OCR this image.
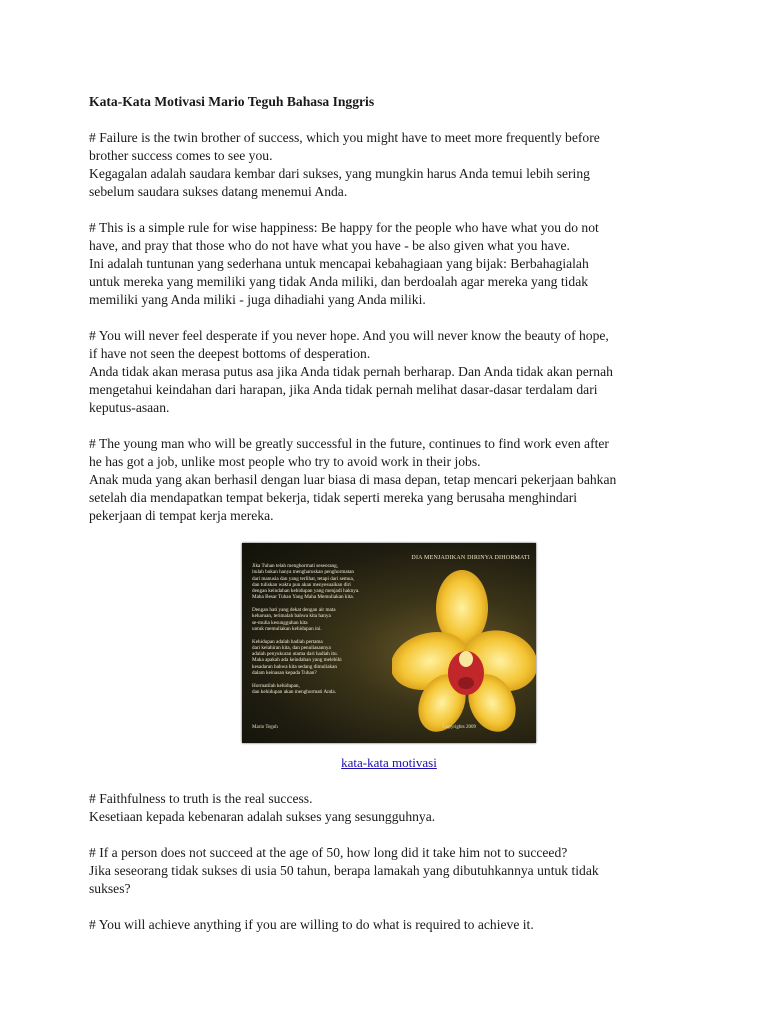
Kata-Kata Motivasi Mario Teguh Bahasa Inggris

# Failure is the twin brother of success, which you might have to meet more frequently before

brother success comes to see you.

Kegagalan adalah saudara kembar dari sukses, yang mungkin harus Anda temui lebih sering

sebelum saudara sukses datang menemui Anda.

# This is a simple rule for wise happiness: Be happy for the people who have what you do not

have, and pray that those who do not have what you have - be also given what you have.

Ini adalah tuntunan yang sederhana untuk mencapai kebahagiaan yang bijak: Berbahagialah

untuk mereka yang memiliki yang tidak Anda miliki, dan berdoalah agar mereka yang tidak

memiliki yang Anda miliki - juga dihadiahi yang Anda miliki.

# You will never feel desperate if you never hope. And you will never know the beauty of hope,

if have not seen the deepest bottoms of desperation.

Anda tidak akan merasa putus asa jika Anda tidak pernah berharap. Dan Anda tidak akan pernah

mengetahui keindahan dari harapan, jika Anda tidak pernah melihat dasar-dasar terdalam dari

keputus-asaan.

# The young man who will be greatly successful in the future, continues to find work even after

he has got a job, unlike most people who try to avoid work in their jobs.

Anak muda yang akan berhasil dengan luar biasa di masa depan, tetap mencari pekerjaan bahkan

setelah dia mendapatkan tempat bekerja, tidak seperti mereka yang berusaha menghindari

pekerjaan di tempat kerja mereka.

DIA MENJADIKAN DIRINYA DIHORMATI
Jika Tuhan telah menghormati seseorang,
itulah bukan hanya mengharuskan penghormatan
dari manusia dan yang terlihat, tetapi dari semua,
dan tuliskan waktu pun akan menyesuaikan diri
dengan keindahan kehidupan yang menjadi haknya.
Maha Besar Tuhan Yang Maha Memuliakan kita.

Dengan hati yang dekat dengan air mata
keharuan, terimalah bahwa kita hanya
se-mulia kesungguhan kita
untuk memuliakan kehidupan ini.

Kehidupan adalah hadiah pertama
dari kelahiran kita, dan penuliasannya
adalah penyukuran utama dari hadiah itu.
Maka apakah ada keindahan yang melebihi
kesadaran bahwa kita sedang dimuliakan
dalam keinasan kepada Tuhan?

Hormatilah kehidupan,
dan kehidupan akan menghormati Anda.
Mario Teguh	Copyrights 2009
kata-kata motivasi

# Faithfulness to truth is the real success.

Kesetiaan kepada kebenaran adalah sukses yang sesungguhnya.

# If a person does not succeed at the age of 50, how long did it take him not to succeed?

Jika seseorang tidak sukses di usia 50 tahun, berapa lamakah yang dibutuhkannya untuk tidak

sukses?

# You will achieve anything if you are willing to do what is required to achieve it.
